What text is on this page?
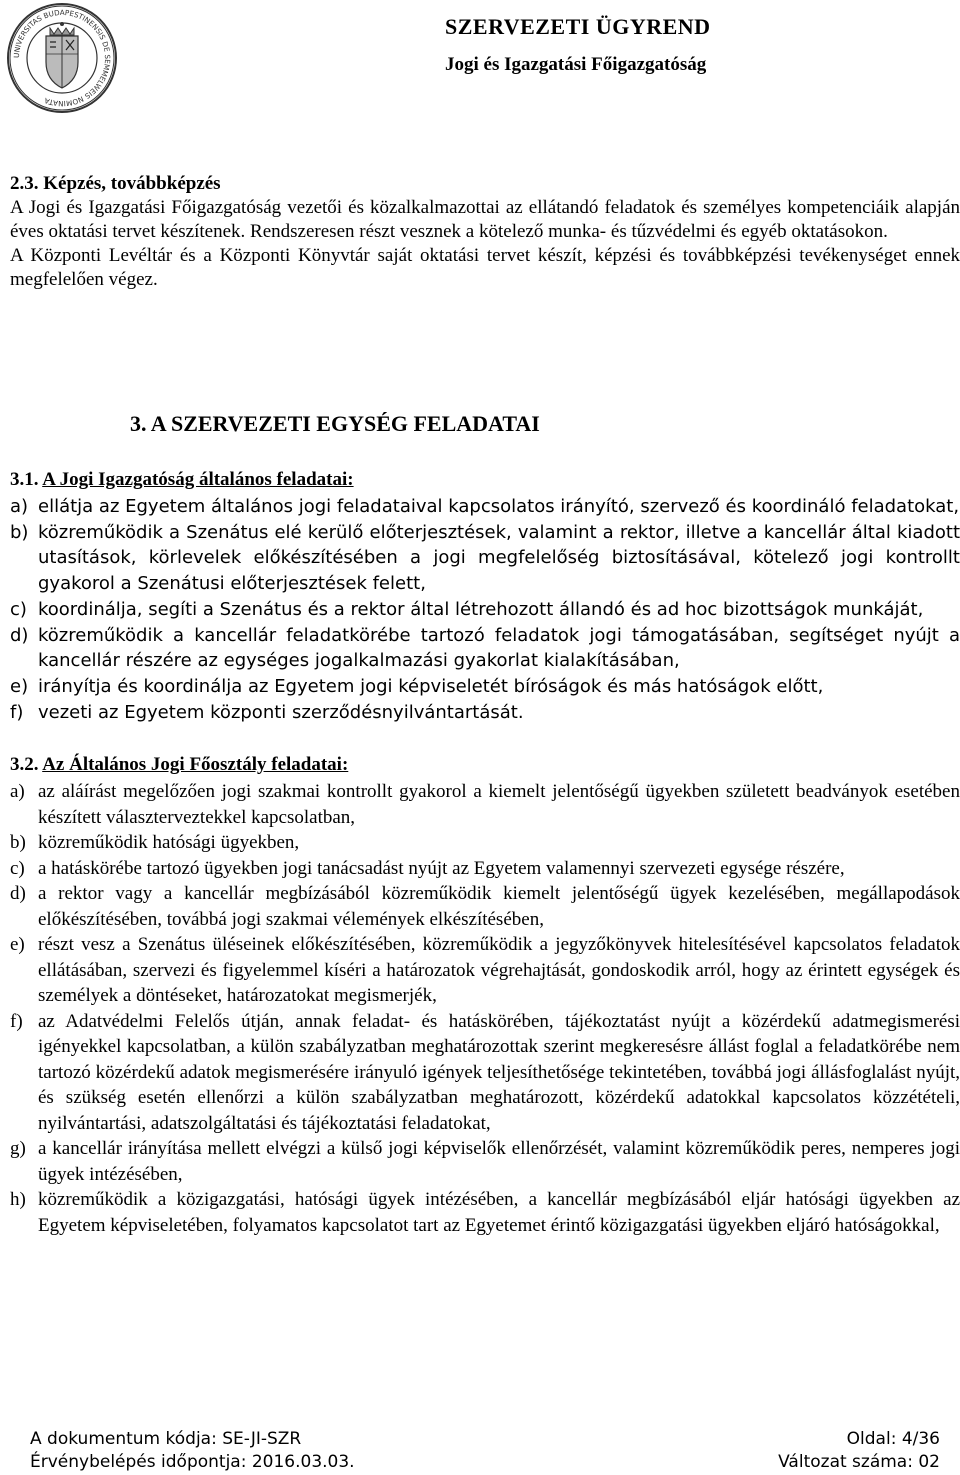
UNIVERSITAS BUDAPESTINENSIS DE SEMMELWEIS NOMINATA
SZERVEZETI ÜGYREND
Jogi és Igazgatási Főigazgatóság

2.3. Képzés, továbbképzés

A Jogi és Igazgatási Főigazgatóság vezetői és közalkalmazottai az ellátandó feladatok és személyes kompetenciáik alapján éves oktatási tervet készítenek. Rendszeresen részt vesznek a kötelező munka- és tűzvédelmi és egyéb oktatásokon.

A Központi Levéltár és a Központi Könyvtár saját oktatási tervet készít, képzési és továbbképzési tevékenységet ennek megfelelően végez.

3. A SZERVEZETI EGYSÉG FELADATAI

3.1. A Jogi Igazgatóság általános feladatai:

a) ellátja az Egyetem általános jogi feladataival kapcsolatos irányító, szervező és koordináló feladatokat,
b) közreműködik a Szenátus elé kerülő előterjesztések, valamint a rektor, illetve a kancellár által kiadott utasítások, körlevelek előkészítésében a jogi megfelelőség biztosításával, kötelező jogi kontrollt gyakorol a Szenátusi előterjesztések felett,
c) koordinálja, segíti a Szenátus és a rektor által létrehozott állandó és ad hoc bizottságok munkáját,
d) közreműködik a kancellár feladatkörébe tartozó feladatok jogi támogatásában, segítséget nyújt a kancellár részére az egységes jogalkalmazási gyakorlat kialakításában,
e) irányítja és koordinálja az Egyetem jogi képviseletét bíróságok és más hatóságok előtt,
f) vezeti az Egyetem központi szerződésnyilvántartását.

3.2. Az Általános Jogi Főosztály feladatai:

a) az aláírást megelőzően jogi szakmai kontrollt gyakorol a kiemelt jelentőségű ügyekben született beadványok esetében készített választerveztekkel kapcsolatban,
b) közreműködik hatósági ügyekben,
c) a hatáskörébe tartozó ügyekben jogi tanácsadást nyújt az Egyetem valamennyi szervezeti egysége részére,
d) a rektor vagy a kancellár megbízásából közreműködik kiemelt jelentőségű ügyek kezelésében, megállapodások előkészítésében, továbbá jogi szakmai vélemények elkészítésében,
e) részt vesz a Szenátus üléseinek előkészítésében, közreműködik a jegyzőkönyvek hitelesítésével kapcsolatos feladatok ellátásában, szervezi és figyelemmel kíséri a határozatok végrehajtását, gondoskodik arról, hogy az érintett egységek és személyek a döntéseket, határozatokat megismerjék,
f) az Adatvédelmi Felelős útján, annak feladat- és hatáskörében, tájékoztatást nyújt a közérdekű adatmegismerési igényekkel kapcsolatban, a külön szabályzatban meghatározottak szerint megkeresésre állást foglal a feladatkörébe nem tartozó közérdekű adatok megismerésére irányuló igények teljesíthetősége tekintetében, továbbá jogi állásfoglalást nyújt, és szükség esetén ellenőrzi a külön szabályzatban meghatározott, közérdekű adatokkal kapcsolatos közzétételi, nyilvántartási, adatszolgáltatási és tájékoztatási feladatokat,
g) a kancellár irányítása mellett elvégzi a külső jogi képviselők ellenőrzését, valamint közreműködik peres, nemperes jogi ügyek intézésében,
h) közreműködik a közigazgatási, hatósági ügyek intézésében, a kancellár megbízásából eljár hatósági ügyekben az Egyetem képviseletében, folyamatos kapcsolatot tart az Egyetemet érintő közigazgatási ügyekben eljáró hatóságokkal,
A dokumentum kódja: SE-JI-SZR	Oldal: 4/36
Érvénybelépés időpontja: 2016.03.03.	Változat száma: 02
